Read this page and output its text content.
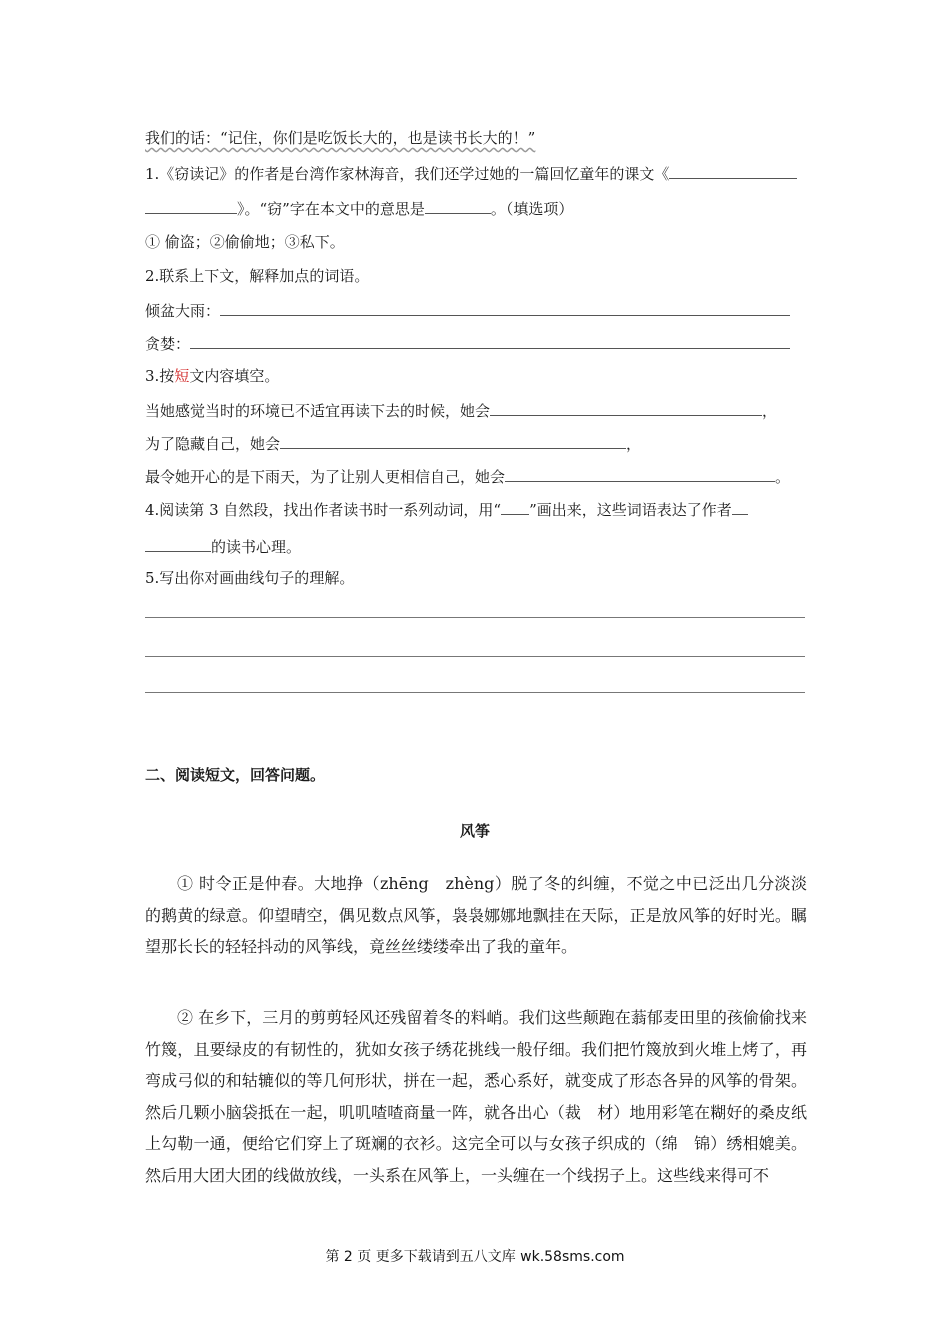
我们的话：“记住，你们是吃饭长大的，也是读书长大的！”
1.《窃读记》的作者是台湾作家林海音，我们还学过她的一篇回忆童年的课文《
》。“窃”字在本文中的意思是	。（填选项）
① 偷盗；②偷偷地；③私下。
2.联系上下文，解释加点的词语。
倾盆大雨：
贪婪：
3.按短文内容填空。
当她感觉当时的环境已不适宜再读下去的时候，她会	，
为了隐藏自己，她会	，
最令她开心的是下雨天，为了让别人更相信自己，她会	。
4.阅读第 3 自然段，找出作者读书时一系列动词，用“ ”画出来，这些词语表达了作者
的读书心理。
5.写出你对画曲线句子的理解。
二、阅读短文，回答问题。
风筝

① 时令正是仲春。大地挣（zhēng　zhèng）脱了冬的纠缠，不觉之中已泛出几分淡淡的鹅黄的绿意。仰望晴空，偶见数点风筝，袅袅娜娜地飘挂在天际，正是放风筝的好时光。瞩望那长长的轻轻抖动的风筝线，竟丝丝缕缕牵出了我的童年。

② 在乡下，三月的剪剪轻风还残留着冬的料峭。我们这些颠跑在蓊郁麦田里的孩偷偷找来竹篾，且要绿皮的有韧性的，犹如女孩子绣花挑线一般仔细。我们把竹篾放到火堆上烤了，再弯成弓似的和轱辘似的等几何形状，拼在一起，悉心系好，就变成了形态各异的风筝的骨架。然后几颗小脑袋抵在一起，叽叽喳喳商量一阵，就各出心（裁　材）地用彩笔在糊好的桑皮纸上勾勒一通，便给它们穿上了斑斓的衣衫。这完全可以与女孩子织成的（绵　锦）绣相媲美。然后用大团大团的线做放线，一头系在风筝上，一头缠在一个线拐子上。这些线来得可不

第 2 页 更多下载请到五八文库 wk.58sms.com
